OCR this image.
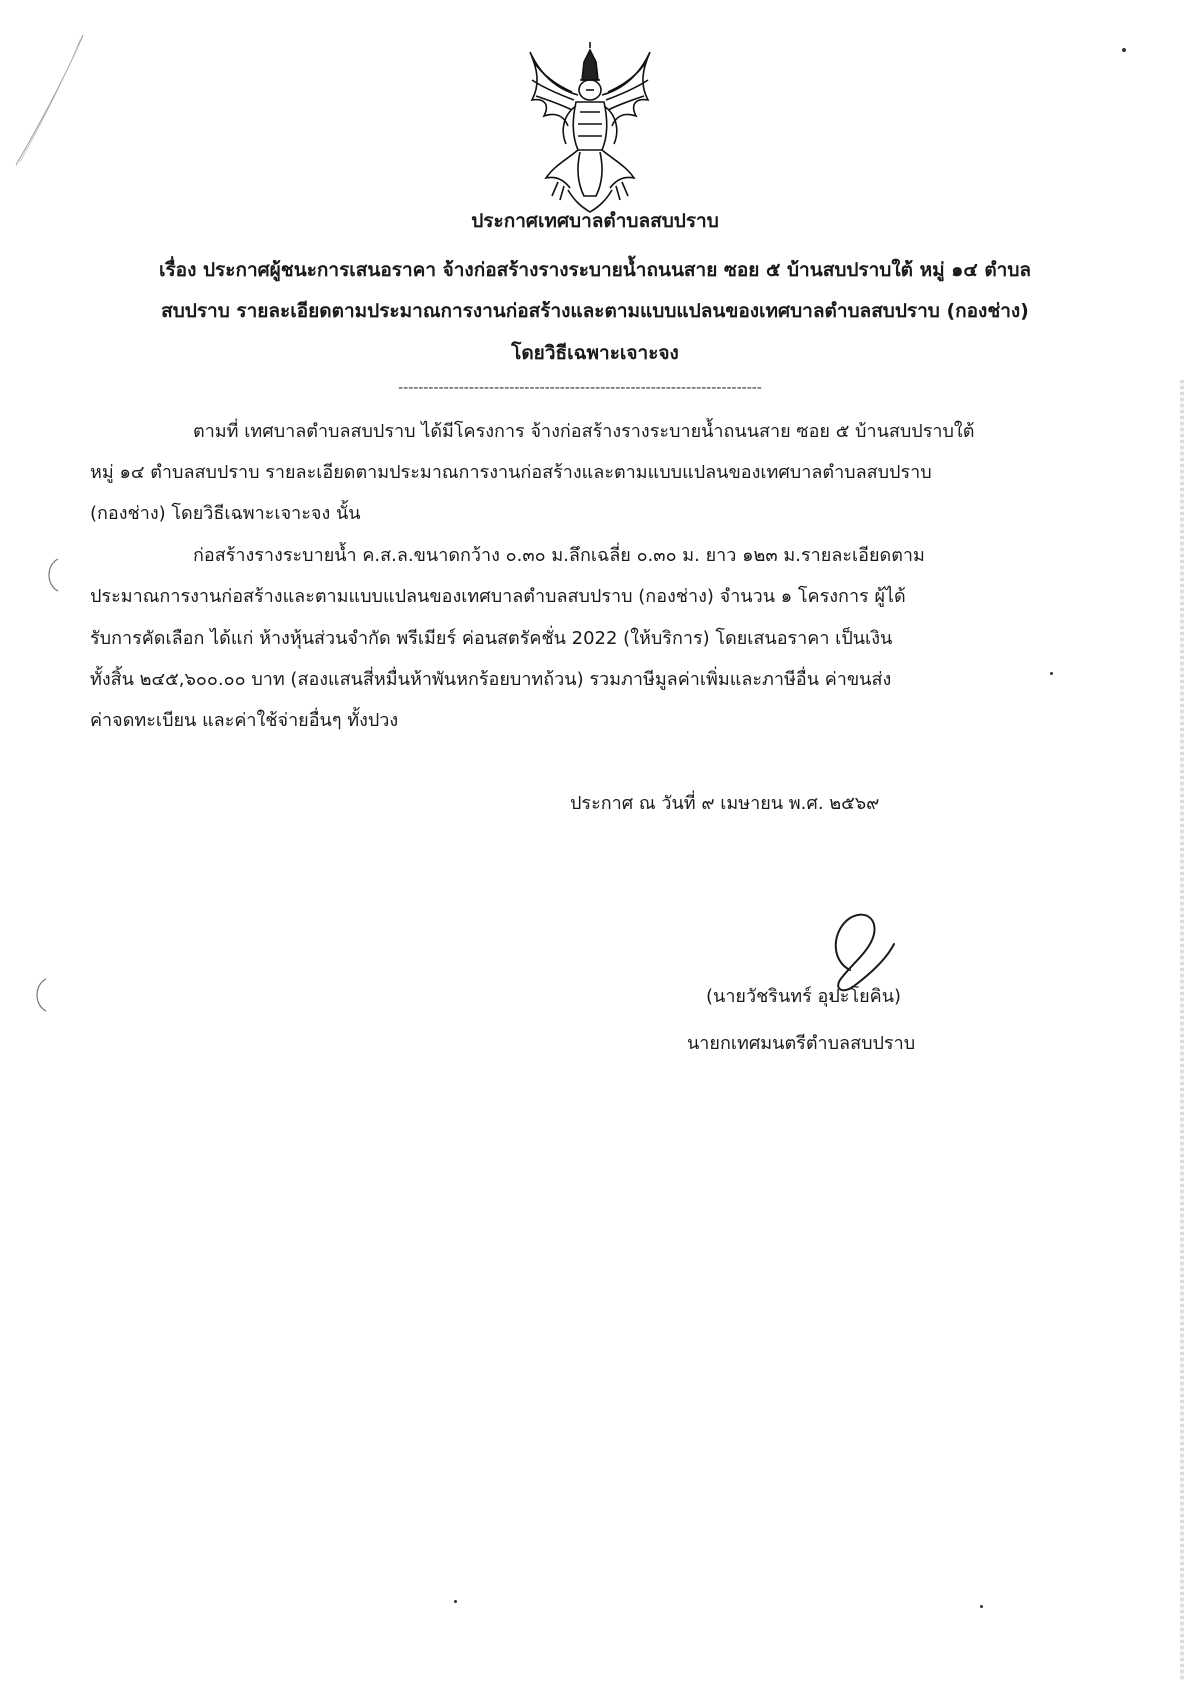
ประกาศเทศบาลตำบลสบปราบ
เรื่อง ประกาศผู้ชนะการเสนอราคา จ้างก่อสร้างรางระบายน้ำถนนสาย ซอย ๕ บ้านสบปราบใต้ หมู่ ๑๔ ตำบล
สบปราบ รายละเอียดตามประมาณการงานก่อสร้างและตามแบบแปลนของเทศบาลตำบลสบปราบ (กองช่าง)
โดยวิธีเฉพาะเจาะจง
------------------------------------------------------------------------
ตามที่ เทศบาลตำบลสบปราบ ได้มีโครงการ จ้างก่อสร้างรางระบายน้ำถนนสาย ซอย ๕ บ้านสบปราบใต้
หมู่ ๑๔ ตำบลสบปราบ รายละเอียดตามประมาณการงานก่อสร้างและตามแบบแปลนของเทศบาลตำบลสบปราบ
(กองช่าง) โดยวิธีเฉพาะเจาะจง นั้น
ก่อสร้างรางระบายน้ำ ค.ส.ล.ขนาดกว้าง ๐.๓๐ ม.ลึกเฉลี่ย ๐.๓๐ ม. ยาว ๑๒๓ ม.รายละเอียดตาม
ประมาณการงานก่อสร้างและตามแบบแปลนของเทศบาลตำบลสบปราบ (กองช่าง) จำนวน ๑ โครงการ ผู้ได้
รับการคัดเลือก ได้แก่ ห้างหุ้นส่วนจำกัด พรีเมียร์ ค่อนสตรัคชั่น 2022 (ให้บริการ) โดยเสนอราคา เป็นเงิน
ทั้งสิ้น ๒๔๕,๖๐๐.๐๐ บาท (สองแสนสี่หมื่นห้าพันหกร้อยบาทถ้วน) รวมภาษีมูลค่าเพิ่มและภาษีอื่น ค่าขนส่ง
ค่าจดทะเบียน และค่าใช้จ่ายอื่นๆ ทั้งปวง
ประกาศ ณ วันที่ ๙ เมษายน พ.ศ. ๒๕๖๙
(นายวัชรินทร์ อุปะโยคิน)
นายกเทศมนตรีตำบลสบปราบ
